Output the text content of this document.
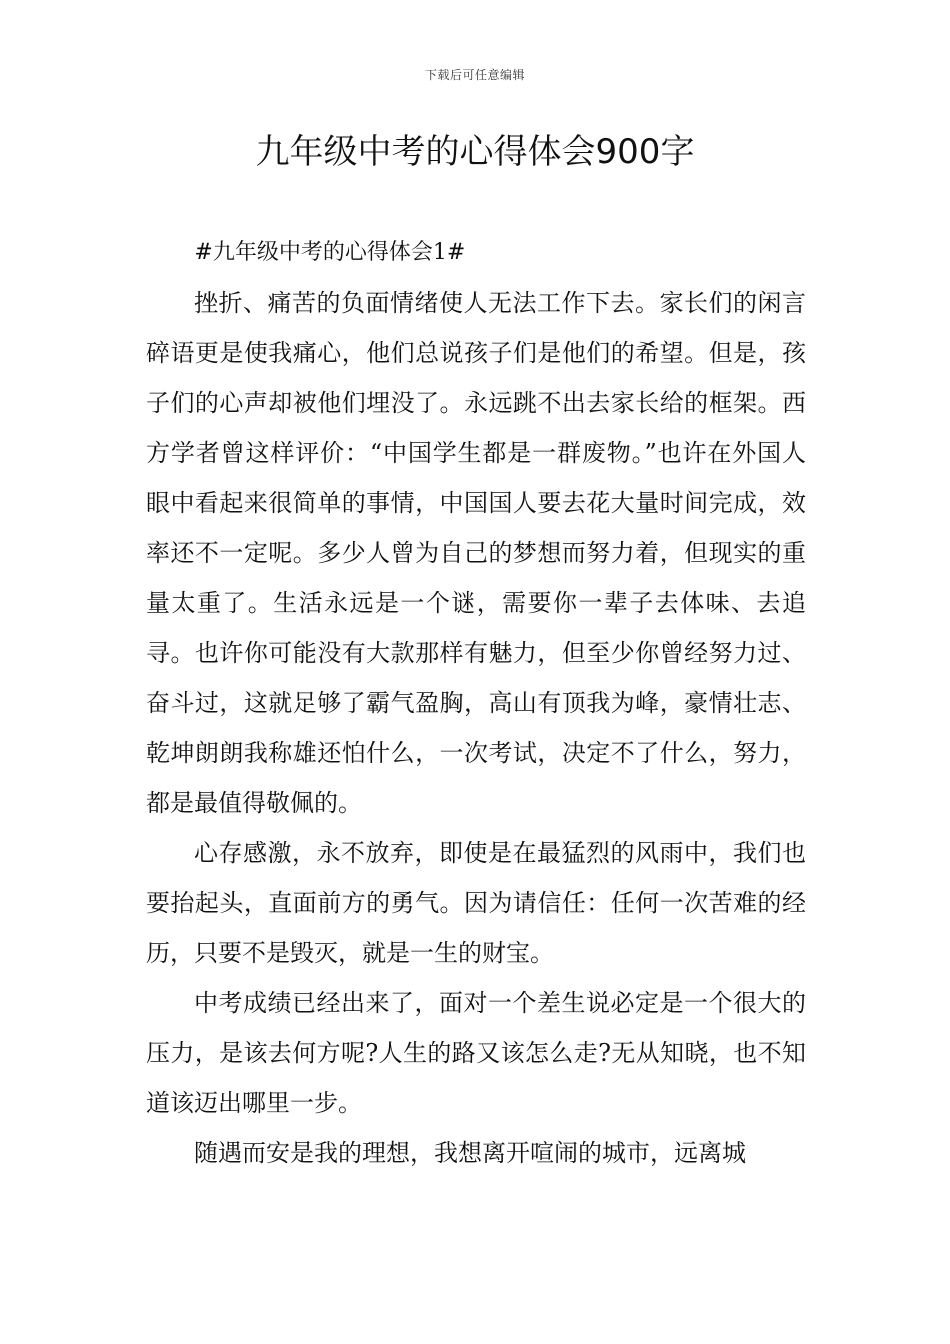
下载后可任意编辑
九年级中考的心得体会900字

#九年级中考的心得体会1#

挫折、痛苦的负面情绪使人无法工作下去。家长们的闲言碎语更是使我痛心，他们总说孩子们是他们的希望。但是，孩子们的心声却被他们埋没了。永远跳不出去家长给的框架。西方学者曾这样评价：“中国学生都是一群废物。”也许在外国人眼中看起来很简单的事情，中国国人要去花大量时间完成，效率还不一定呢。多少人曾为自己的梦想而努力着，但现实的重量太重了。生活永远是一个谜，需要你一辈子去体味、去追寻。也许你可能没有大款那样有魅力，但至少你曾经努力过、奋斗过，这就足够了霸气盈胸，高山有顶我为峰，豪情壮志、乾坤朗朗我称雄还怕什么，一次考试，决定不了什么，努力，都是最值得敬佩的。

心存感激，永不放弃，即使是在最猛烈的风雨中，我们也要抬起头，直面前方的勇气。因为请信任：任何一次苦难的经历，只要不是毁灭，就是一生的财宝。

中考成绩已经出来了，面对一个差生说必定是一个很大的压力，是该去何方呢?人生的路又该怎么走?无从知晓，也不知道该迈出哪里一步。

随遇而安是我的理想，我想离开喧闹的城市，远离城
